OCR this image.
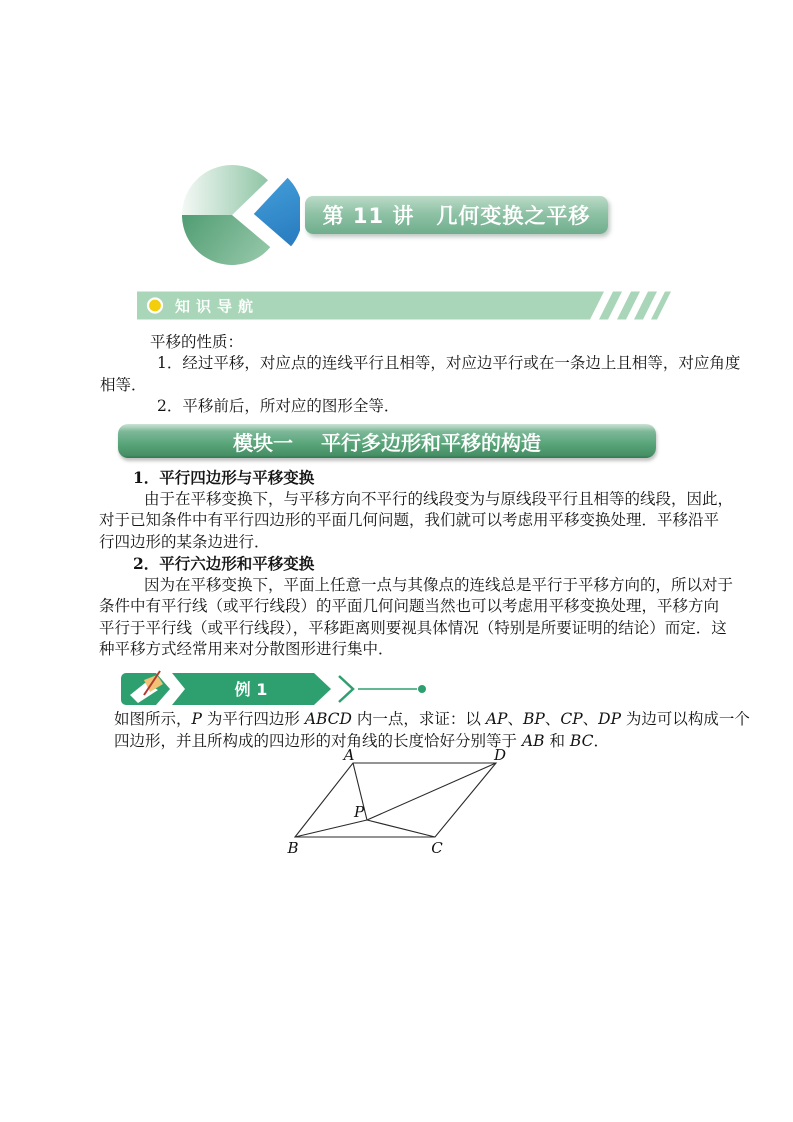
第 11 讲　几何变换之平移
知识导航
平移的性质：
1．经过平移，对应点的连线平行且相等，对应边平行或在一条边上且相等，对应角度
相等．
2．平移前后，所对应的图形全等．
模块一 平行多边形和平移的构造
1．平行四边形与平移变换
由于在平移变换下，与平移方向不平行的线段变为与原线段平行且相等的线段，因此，
对于已知条件中有平行四边形的平面几何问题，我们就可以考虑用平移变换处理．平移沿平
行四边形的某条边进行．
2．平行六边形和平移变换
因为在平移变换下，平面上任意一点与其像点的连线总是平行于平移方向的，所以对于
条件中有平行线（或平行线段）的平面几何问题当然也可以考虑用平移变换处理，平移方向
平行于平行线（或平行线段），平移距离则要视具体情况（特别是所要证明的结论）而定．这
种平移方式经常用来对分散图形进行集中．
例 1
如图所示，P 为平行四边形 ABCD 内一点，求证：以 AP、BP、CP、DP 为边可以构成一个
四边形，并且所构成的四边形的对角线的长度恰好分别等于 AB 和 BC．
A	D
B	C
P
